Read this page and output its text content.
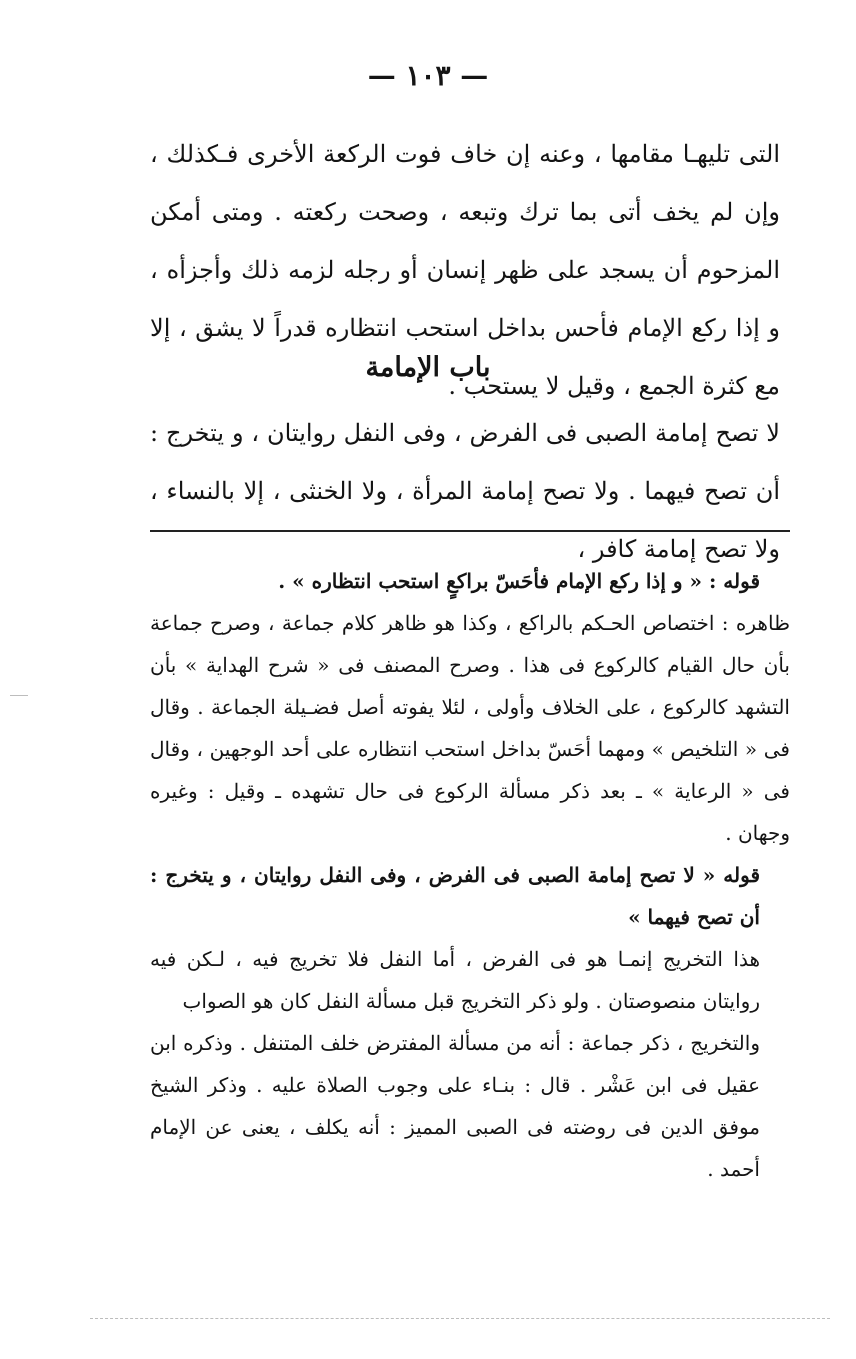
— ١٠٣ —

التى تليهـا مقامها ، وعنه إن خاف فوت الركعة الأخرى فـكذلك ، وإن لم يخف أتى بما ترك وتبعه ، وصحت ركعته . ومتى أمكن المزحوم أن يسجد على ظهر إنسان أو رجله لزمه ذلك وأجزأه ، و إذا ركع الإمام فأحس بداخل استحب انتظاره قدراً لا يشق ، إلا مع كثرة الجمع ، وقيل لا يستحب .

باب الإمامة

لا تصح إمامة الصبى فى الفرض ، وفى النفل روايتان ، و يتخرج : أن تصح فيهما . ولا تصح إمامة المرأة ، ولا الخنثى ، إلا بالنساء ، ولا تصح إمامة كافر ،

قوله : « و إذا ركع الإمام فأحَسّ براكعٍ استحب انتظاره » .

ظاهره : اختصاص الحـكم بالراكع ، وكذا هو ظاهر كلام جماعة ، وصرح جماعة بأن حال القيام كالركوع فى هذا . وصرح المصنف فى « شرح الهداية » بأن التشهد كالركوع ، على الخلاف وأولى ، لئلا يفوته أصل فضـيلة الجماعة . وقال فى « التلخيص » ومهما أحَسّ بداخل استحب انتظاره على أحد الوجهين ، وقال فى « الرعاية » ـ بعد ذكر مسألة الركوع فى حال تشهده ـ وقيل : وغيره وجهان .

قوله « لا تصح إمامة الصبى فى الفرض ، وفى النفل روايتان ، و يتخرج : أن تصح فيهما »

هذا التخريج إنمـا هو فى الفرض ، أما النفل فلا تخريج فيه ، لـكن فيه روايتان منصوصتان . ولو ذكر التخريج قبل مسألة النفل كان هو الصواب

والتخريج ، ذكر جماعة : أنه من مسألة المفترض خلف المتنفل . وذكره ابن عقيل فى ابن عَشْر . قال : بنـاء على وجوب الصلاة عليه . وذكر الشيخ موفق الدين فى روضته فى الصبى المميز : أنه يكلف ، يعنى عن الإمام أحمد .
